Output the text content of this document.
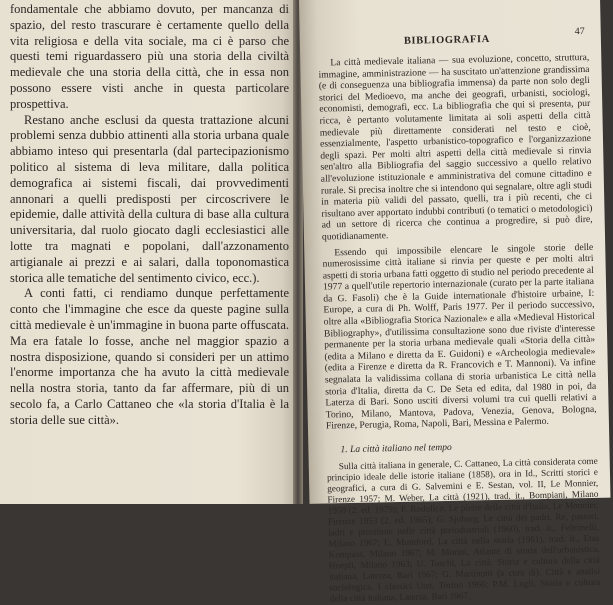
fondamentale che abbiamo dovuto, per mancanza di spazio, del resto trascurare è certamente quello della vita religiosa e della vita sociale, ma ci è parso che questi temi riguardassero più una storia della civiltà medievale che una storia della città, che in essa non possono essere visti anche in questa particolare prospettiva.

Restano anche esclusi da questa trattazione alcuni problemi senza dubbio attinenti alla storia urbana quale abbiamo inteso qui presentarla (dal partecipazionismo politico al sistema di leva militare, dalla politica demografica ai sistemi fiscali, dai provvedimenti annonari a quelli predisposti per circoscrivere le epidemie, dalle attività della cultura di base alla cultura universitaria, dal ruolo giocato dagli ecclesiastici alle lotte tra magnati e popolani, dall'azzonamento artigianale ai prezzi e ai salari, dalla toponomastica storica alle tematiche del sentimento civico, ecc.).

A conti fatti, ci rendiamo dunque perfettamente conto che l'immagine che esce da queste pagine sulla città medievale è un'immagine in buona parte offuscata. Ma era fatale lo fosse, anche nel maggior spazio a nostra disposizione, quando si consideri per un attimo l'enorme importanza che ha avuto la città medievale nella nostra storia, tanto da far affermare, più di un secolo fa, a Carlo Cattaneo che «la storia d'Italia è la storia delle sue città».

BIBLIOGRAFIA
47

La città medievale italiana — sua evoluzione, concetto, struttura, immagine, amministrazione — ha suscitato un'attenzione grandissima (e di conseguenza una bibliografia immensa) da parte non solo degli storici del Medioevo, ma anche dei geografi, urbanisti, sociologi, economisti, demografi, ecc. La bibliografia che qui si presenta, pur ricca, è pertanto volutamente limitata ai soli aspetti della città medievale più direttamente considerati nel testo e cioè, essenzialmente, l'aspetto urbanistico-topografico e l'organizzazione degli spazi. Per molti altri aspetti della città medievale si rinvia sen'altro alla Bibliografia del saggio successivo a quello relativo all'evoluzione istituzionale e amministrativa del comune cittadino e rurale. Si precisa inoltre che si intendono qui segnalare, oltre agli studi in materia più validi del passato, quelli, tra i più recenti, che ci risultano aver apportato indubbi contributi (o tematici o metodologici) ad un settore di ricerca che continua a progredire, si può dire, quotidianamente.

Essendo qui impossibile elencare le singole storie delle numerosissime città italiane si rinvia per queste e per molti altri aspetti di storia urbana fatti oggetto di studio nel periodo precedente al 1977 a quell'utile repertorio internazionale (curato per la parte italiana da G. Fasoli) che è la Guide internationale d'histoire urbaine, I: Europe, a cura di Ph. Wolff, Paris 1977. Per il periodo successivo, oltre alla «Bibliografia Storica Nazionale» e alla «Medieval Historical Bibliography», d'utilissima consultazione sono due riviste d'interesse permanente per la storia urbana medievale quali «Storia della città» (edita a Milano e diretta da E. Guidoni) e «Archeologia medievale» (edita a Firenze e diretta da R. Francovich e T. Mannoni). Va infine segnalata la validissima collana di storia urbanistica Le città nella storia d'Italia, diretta da C. De Seta ed edita, dal 1980 in poi, da Laterza di Bari. Sono usciti diversi volumi tra cui quelli relativi a Torino, Milano, Mantova, Padova, Venezia, Genova, Bologna, Firenze, Perugia, Roma, Napoli, Bari, Messina e Palermo.

1. La città italiano nel tempo

Sulla città italiana in generale, C. Cattaneo, La città considerata come principio ideale delle istorie italiane (1858), ora in Id., Scritti storici e geografici, a cura di G. Salvemini e E. Sestan, vol. II, Le Monnier, Firenze 1957; M. Weber, La città (1921), trad. it., Bompiani, Milano 1950 (2. ed. 1979); F. Rodolico, Le pietre delle città d'Italia, Le Monnier, Firenze 1953 (2. ed. 1965); G. Sjoberg, Le città dei padri. Re, pastori, ladri e prostitute nelle città preindustriali (1960), trad. it., Feltrinelli, Milano 1967; L. Mumford, La città nella storia (1961), trad. it., Etas Kompass, Milano 1967; M. Morini, Atlante di storia dell'urbanistica, Hoepli, Milano 1963; U. Toschi, La città. Storia e cultura della città italiana, Laterza, Bari 1967; G. Martinotti (a cura di), Città e analisi sociologica. I classici Utet, Torino 1966; P.M. Lugli, Storia e cultura della città italiana, Laterza, Bari 1967.
